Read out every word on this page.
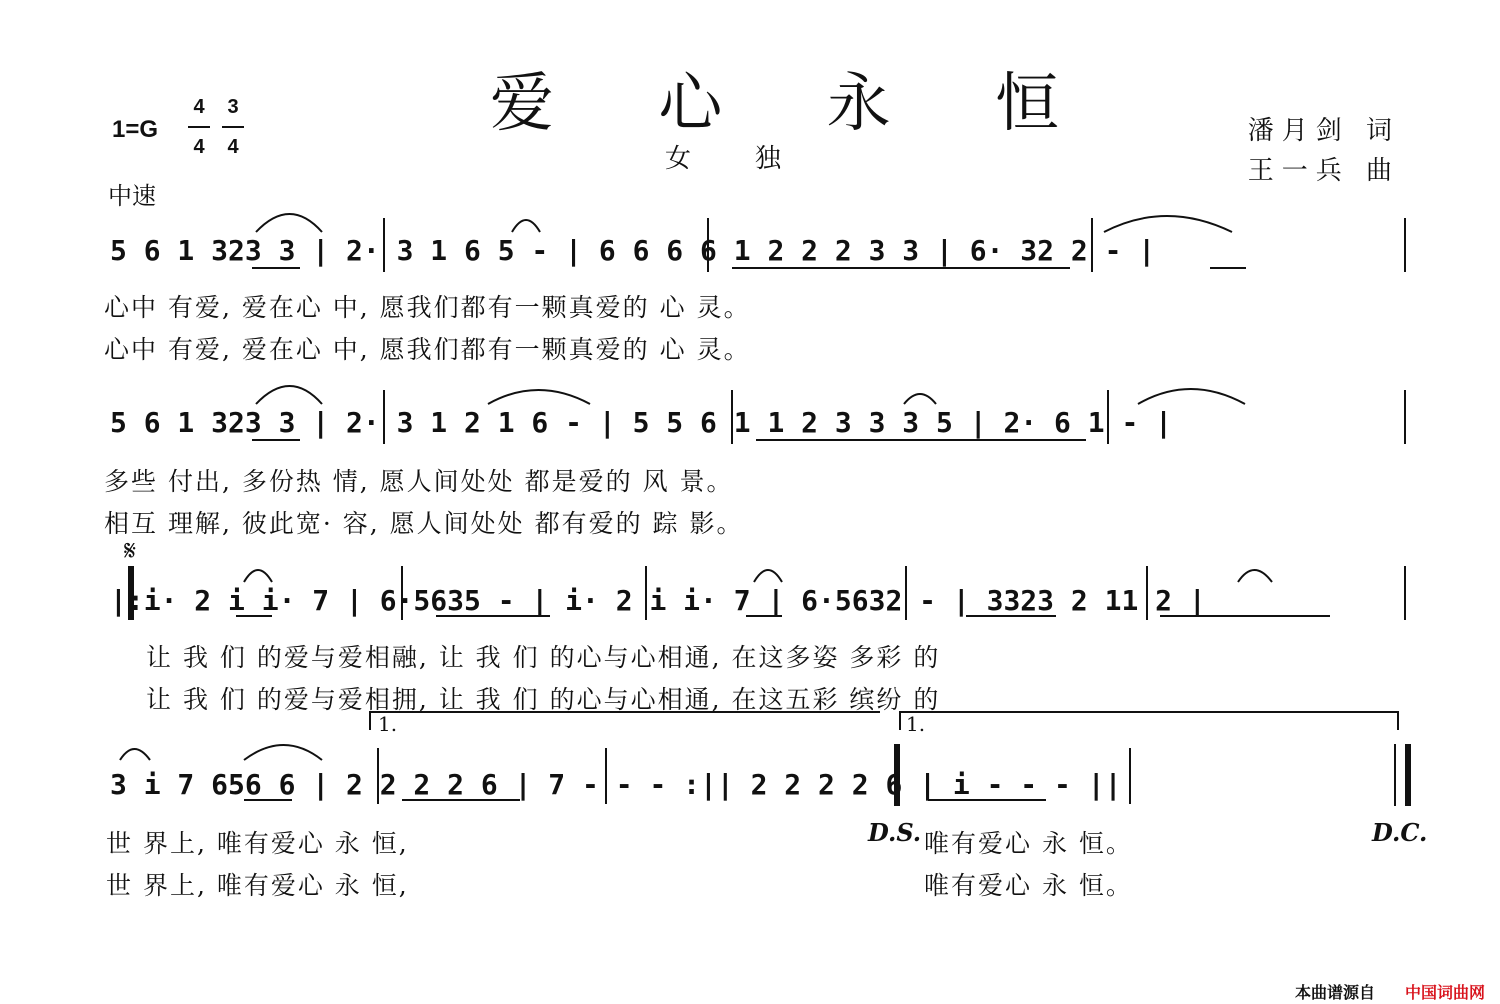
爱 心 永 恒
女独
1=G
4
4
3
4
中速
潘月剑 词
王一兵 曲
5 6 1 323 3 | 2· 3 1 6 5 - | 6 6 6 6 1 2 2 2 3 3 | 6· 32 2 - |
心中 有爱, 爱在心 中, 愿我们都有一颗真爱的 心 灵。
心中 有爱, 爱在心 中, 愿我们都有一颗真爱的 心 灵。
5 6 1 323 3 | 2· 3 1 2 1 6 - | 5 5 6 1 1 2 3 3 3 5 | 2· 6 1 - |
多些 付出, 多份热 情, 愿人间处处 都是爱的 风 景。
相互 理解, 彼此宽· 容, 愿人间处处 都有爱的 踪 影。
𝄋
|:i· 2 i i· 7 | 6·5635 - | i· 2 i i· 7 | 6·5632 - | 3323 2 11 2 |
让 我 们 的爱与爱相融, 让 我 们 的心与心相通, 在这多姿 多彩 的
让 我 们 的爱与爱相拥, 让 我 们 的心与心相通, 在这五彩 缤纷 的
1.	1.
3 i 7 656 6 | 2 2 2 2 6 | 7 - - - :|| 2 2 2 2 6 | i - - - ||
世 界上, 唯有爱心 永 恒,
世 界上, 唯有爱心 永 恒,
D.S. 唯有爱心 永 恒。
唯有爱心 永 恒。
D.C.
本曲谱源自 中国词曲网
